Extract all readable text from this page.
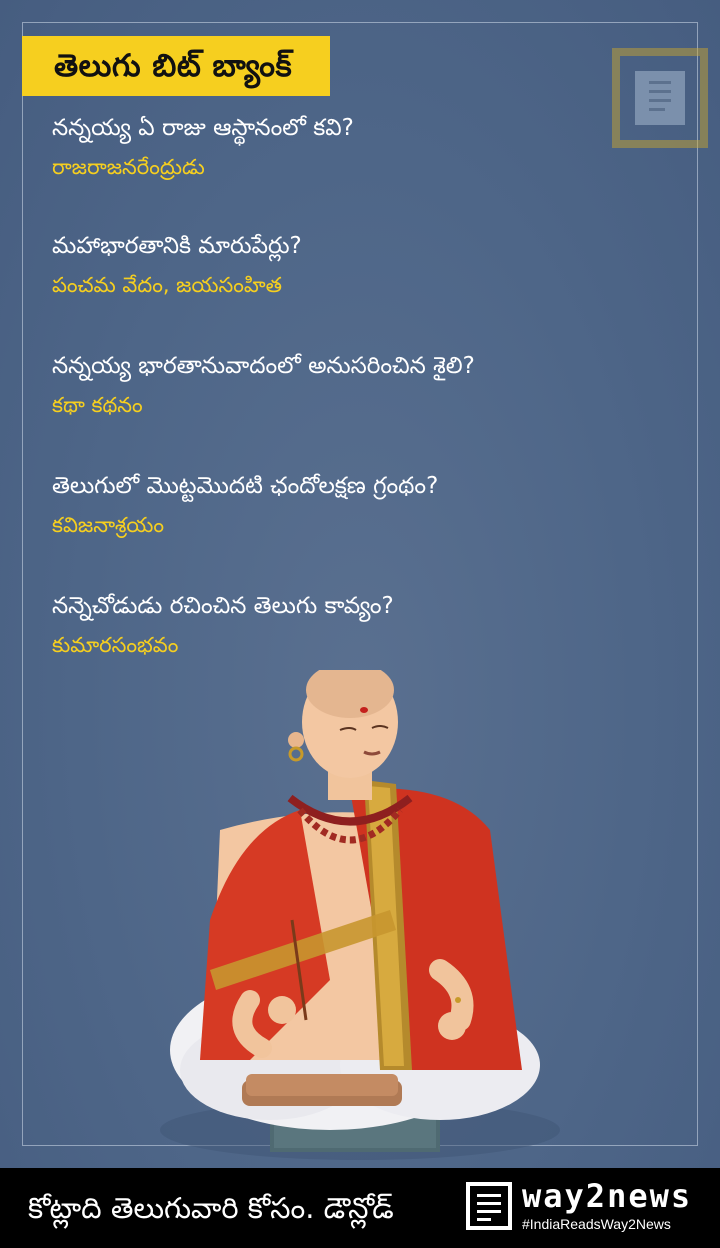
తెలుగు బిట్ బ్యాంక్
నన్నయ్య ఏ రాజు ఆస్థానంలో కవి?
రాజరాజనరేంద్రుడు
మహాభారతానికి మారుపేర్లు?
పంచమ వేదం, జయసంహిత
నన్నయ్య భారతానువాదంలో అనుసరించిన శైలి?
కథా కథనం
తెలుగులో మొట్టమొదటి ఛందోలక్షణ గ్రంథం?
కవిజనాశ్రయం
నన్నెచోడుడు రచించిన తెలుగు కావ్యం?
కుమారసంభవం
కోట్లాది తెలుగువారి కోసం. డౌన్లోడ్	way2news
#IndiaReadsWay2News
